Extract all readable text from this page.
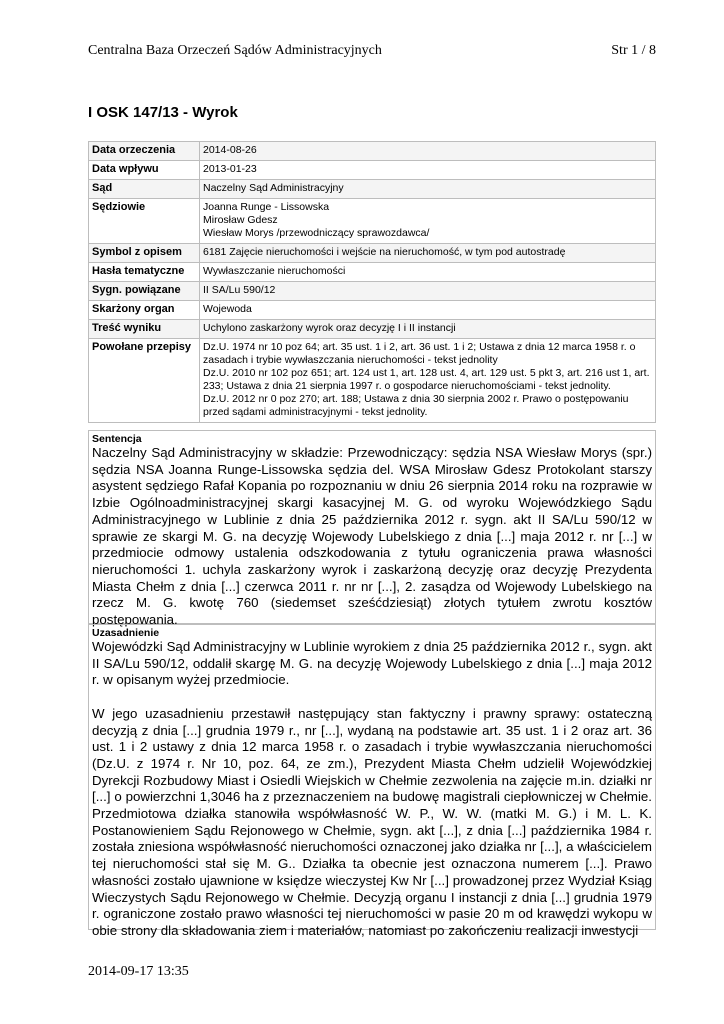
Centralna Baza Orzeczeń Sądów Administracyjnych	Str 1 / 8
I OSK 147/13 - Wyrok
Data orzeczenia	2014-08-26

Data wpływu	2013-01-23

Sąd	Naczelny Sąd Administracyjny

Sędziowie	Joanna Runge - Lissowska
Mirosław Gdesz
Wiesław Morys /przewodniczący sprawozdawca/

Symbol z opisem	6181 Zajęcie nieruchomości i wejście na nieruchomość, w tym pod autostradę

Hasła tematyczne	Wywłaszczanie nieruchomości

Sygn. powiązane	II SA/Lu 590/12

Skarżony organ	Wojewoda

Treść wyniku	Uchylono zaskarżony wyrok oraz decyzję I i II instancji

Powołane przepisy	Dz.U. 1974 nr 10 poz 64; art. 35 ust. 1 i 2, art. 36 ust. 1 i 2; Ustawa z dnia 12 marca 1958 r. o zasadach i trybie wywłaszczania nieruchomości - tekst jednolity
Dz.U. 2010 nr 102 poz 651; art. 124 ust 1, art. 128 ust. 4, art. 129 ust. 5 pkt 3, art. 216 ust 1, art. 233; Ustawa z dnia 21 sierpnia 1997 r. o gospodarce nieruchomościami - tekst jednolity.
Dz.U. 2012 nr 0 poz 270; art. 188; Ustawa z dnia 30 sierpnia 2002 r. Prawo o postępowaniu przed sądami administracyjnymi - tekst jednolity.
Sentencja
Naczelny Sąd Administracyjny w składzie: Przewodniczący: sędzia NSA Wiesław Morys (spr.) sędzia NSA Joanna Runge-Lissowska sędzia del. WSA Mirosław Gdesz Protokolant starszy asystent sędziego Rafał Kopania po rozpoznaniu w dniu 26 sierpnia 2014 roku na rozprawie w Izbie Ogólnoadministracyjnej skargi kasacyjnej M. G. od wyroku Wojewódzkiego Sądu Administracyjnego w Lublinie z dnia 25 października 2012 r. sygn. akt II SA/Lu 590/12 w sprawie ze skargi M. G. na decyzję Wojewody Lubelskiego z dnia [...] maja 2012 r. nr [...] w przedmiocie odmowy ustalenia odszkodowania z tytułu ograniczenia prawa własności nieruchomości 1. uchyla zaskarżony wyrok i zaskarżoną decyzję oraz decyzję Prezydenta Miasta Chełm z dnia [...] czerwca 2011 r. nr nr [...], 2. zasądza od Wojewody Lubelskiego na rzecz M. G. kwotę 760 (siedemset sześćdziesiąt) złotych tytułem zwrotu kosztów postępowania.
Uzasadnienie

Wojewódzki Sąd Administracyjny w Lublinie wyrokiem z dnia 25 października 2012 r., sygn. akt II SA/Lu 590/12, oddalił skargę M. G. na decyzję Wojewody Lubelskiego z dnia [...] maja 2012 r. w opisanym wyżej przedmiocie.

W jego uzasadnieniu przestawił następujący stan faktyczny i prawny sprawy: ostateczną decyzją z dnia [...] grudnia 1979 r., nr [...], wydaną na podstawie art. 35 ust. 1 i 2 oraz art. 36 ust. 1 i 2 ustawy z dnia 12 marca 1958 r. o zasadach i trybie wywłaszczania nieruchomości (Dz.U. z 1974 r. Nr 10, poz. 64, ze zm.), Prezydent Miasta Chełm udzielił Wojewódzkiej Dyrekcji Rozbudowy Miast i Osiedli Wiejskich w Chełmie zezwolenia na zajęcie m.in. działki nr [...] o powierzchni 1,3046 ha z przeznaczeniem na budowę magistrali ciepłowniczej w Chełmie. Przedmiotowa działka stanowiła współwłasność W. P., W. W. (matki M. G.) i M. L. K. Postanowieniem Sądu Rejonowego w Chełmie, sygn. akt [...], z dnia [...] października 1984 r. została zniesiona współwłasność nieruchomości oznaczonej jako działka nr [...], a właścicielem tej nieruchomości stał się M. G.. Działka ta obecnie jest oznaczona numerem [...]. Prawo własności zostało ujawnione w księdze wieczystej Kw Nr [...] prowadzonej przez Wydział Ksiąg Wieczystych Sądu Rejonowego w Chełmie. Decyzją organu I instancji z dnia [...] grudnia 1979 r. ograniczone zostało prawo własności tej nieruchomości w pasie 20 m od krawędzi wykopu w obie strony dla składowania ziem i materiałów, natomiast po zakończeniu realizacji inwestycji

2014-09-17 13:35
